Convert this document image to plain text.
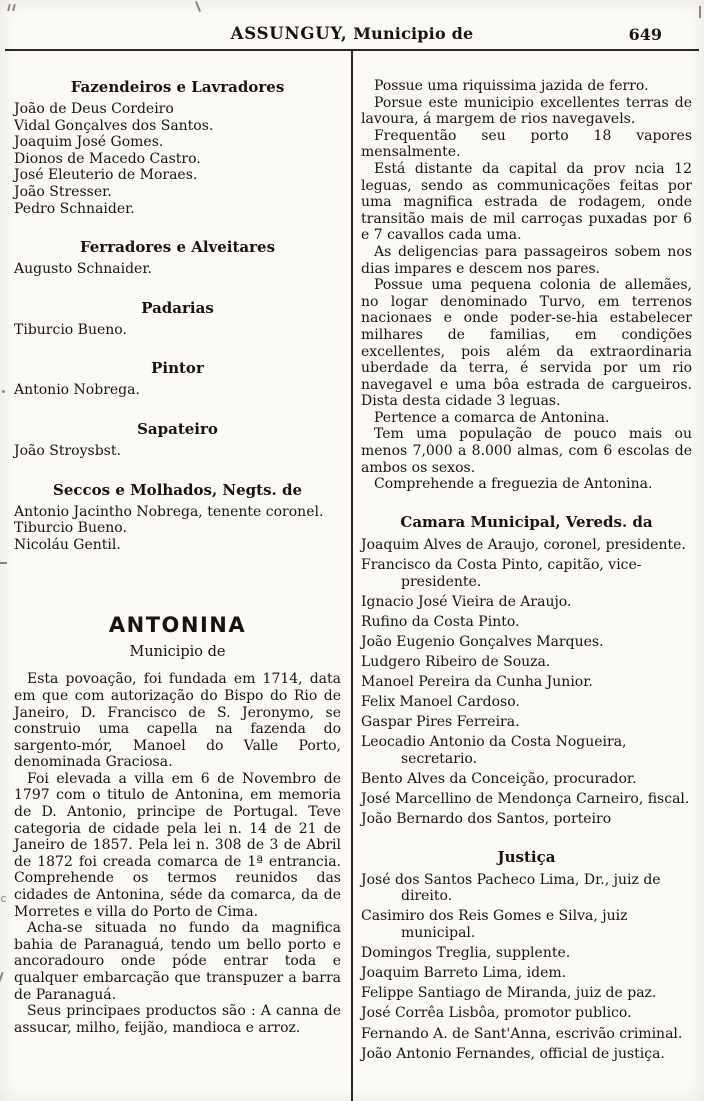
ASSUNGUY, Municipio de	649
Fazendeiros e Lavradores
João de Deus Cordeiro
Vidal Gonçalves dos Santos.
Joaquim José Gomes.
Dionos de Macedo Castro.
José Eleuterio de Moraes.
João Stresser.
Pedro Schnaider.
Ferradores e Alveitares
Augusto Schnaider.
Padarias
Tiburcio Bueno.
Pintor
Antonio Nobrega.
Sapateiro
João Stroysbst.
Seccos e Molhados, Negts. de
Antonio Jacintho Nobrega, tenente coronel.
Tiburcio Bueno.
Nicoláu Gentil.
ANTONINA
Municipio de
Esta povoação, foi fundada em 1714, data em que com autorização do Bispo do Rio de Janeiro, D. Francisco de S. Jeronymo, se construio uma capella na fazenda do sargento-mór, Manoel do Valle Porto, denominada Graciosa.
Foi elevada a villa em 6 de Novembro de 1797 com o titulo de Antonina, em memoria de D. Antonio, principe de Portugal. Teve categoria de cidade pela lei n. 14 de 21 de Janeiro de 1857. Pela lei n. 308 de 3 de Abril de 1872 foi creada comarca de 1ª entrancia. Comprehende os termos reunidos das cidades de Antonina, séde da comarca, da de Morretes e villa do Porto de Cima.
Acha-se situada no fundo da magnifica bahia de Paranaguá, tendo um bello porto e ancoradouro onde póde entrar toda e qualquer embarcação que transpuzer a barra de Paranaguá.
Seus principaes productos são : A canna de assucar, milho, feijão, mandioca e arroz.
Possue uma riquissima jazida de ferro.
Porsue este municipio excellentes terras de lavoura, á margem de rios navegavels.
Frequentão seu porto 18 vapores mensalmente.
Está distante da capital da prov ncia 12 leguas, sendo as communicações feitas por uma magnifica estrada de rodagem, onde transitão mais de mil carroças puxadas por 6 e 7 cavallos cada uma.
As deligencias para passageiros sobem nos dias impares e descem nos pares.
Possue uma pequena colonia de allemães, no logar denominado Turvo, em terrenos nacionaes e onde poder-se-hia estabelecer milhares de familias, em condições excellentes, pois além da extraordinaria uberdade da terra, é servida por um rio navegavel e uma bôa estrada de cargueiros. Dista desta cidade 3 leguas.
Pertence a comarca de Antonina.
Tem uma população de pouco mais ou menos 7,000 a 8.000 almas, com 6 escolas de ambos os sexos.
Comprehende a freguezia de Antonina.
Camara Municipal, Vereds. da
Joaquim Alves de Araujo, coronel, presidente.
Francisco da Costa Pinto, capitão, vice-presidente.
Ignacio José Vieira de Araujo.
Rufino da Costa Pinto.
João Eugenio Gonçalves Marques.
Ludgero Ribeiro de Souza.
Manoel Pereira da Cunha Junior.
Felix Manoel Cardoso.
Gaspar Pires Ferreira.
Leocadio Antonio da Costa Nogueira, secretario.
Bento Alves da Conceição, procurador.
José Marcellino de Mendonça Carneiro, fiscal.
João Bernardo dos Santos, porteiro
Justiça
José dos Santos Pacheco Lima, Dr., juiz de direito.
Casimiro dos Reis Gomes e Silva, juiz municipal.
Domingos Treglia, supplente.
Joaquim Barreto Lima, idem.
Felippe Santiago de Miranda, juiz de paz.
José Corrêa Lisbôa, promotor publico.
Fernando A. de Sant'Anna, escrivão criminal.
João Antonio Fernandes, official de justiça.
